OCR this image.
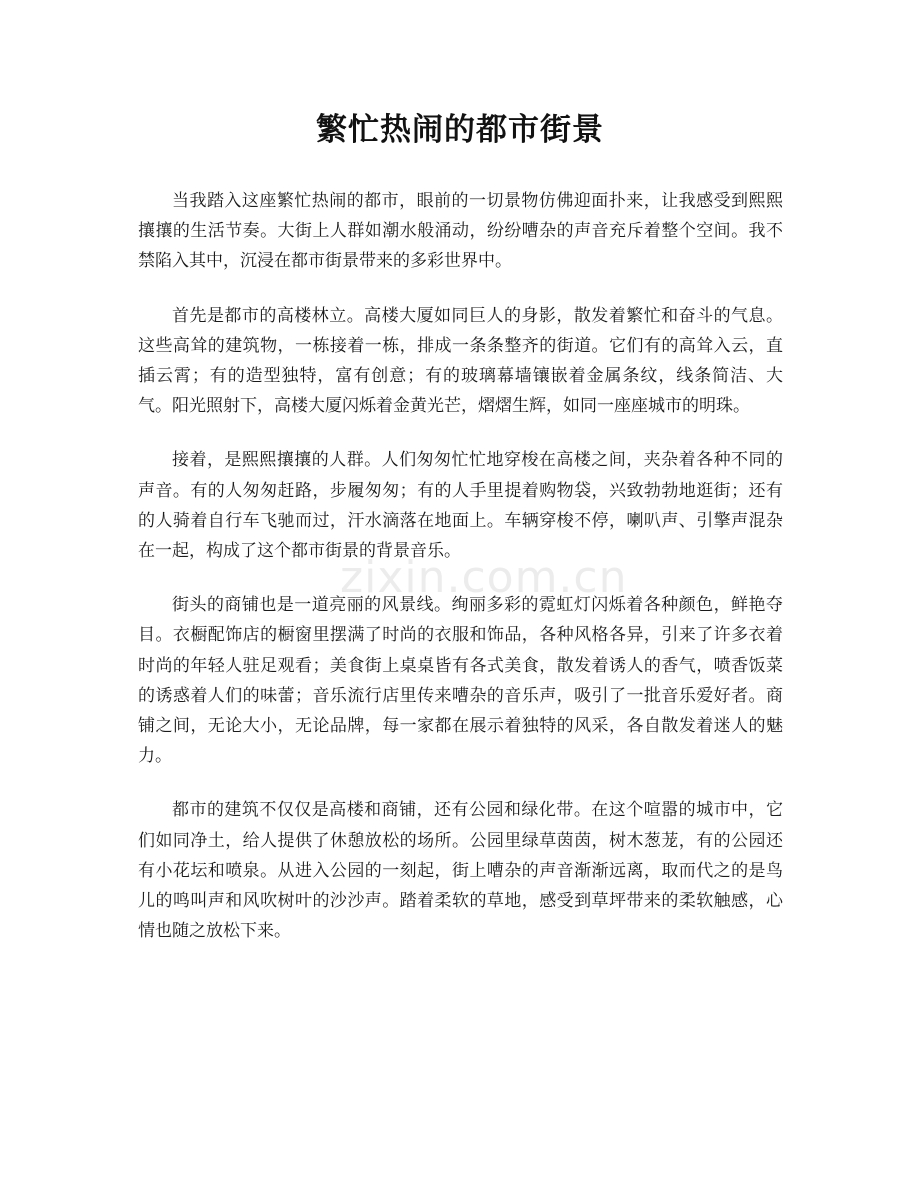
繁忙热闹的都市街景

当我踏入这座繁忙热闹的都市，眼前的一切景物仿佛迎面扑来，让我感受到熙熙攘攘的生活节奏。大街上人群如潮水般涌动，纷纷嘈杂的声音充斥着整个空间。我不禁陷入其中，沉浸在都市街景带来的多彩世界中。

首先是都市的高楼林立。高楼大厦如同巨人的身影，散发着繁忙和奋斗的气息。这些高耸的建筑物，一栋接着一栋，排成一条条整齐的街道。它们有的高耸入云，直插云霄；有的造型独特，富有创意；有的玻璃幕墙镶嵌着金属条纹，线条简洁、大气。阳光照射下，高楼大厦闪烁着金黄光芒，熠熠生辉，如同一座座城市的明珠。

接着，是熙熙攘攘的人群。人们匆匆忙忙地穿梭在高楼之间，夹杂着各种不同的声音。有的人匆匆赶路，步履匆匆；有的人手里提着购物袋，兴致勃勃地逛街；还有的人骑着自行车飞驰而过，汗水滴落在地面上。车辆穿梭不停，喇叭声、引擎声混杂在一起，构成了这个都市街景的背景音乐。

街头的商铺也是一道亮丽的风景线。绚丽多彩的霓虹灯闪烁着各种颜色，鲜艳夺目。衣橱配饰店的橱窗里摆满了时尚的衣服和饰品，各种风格各异，引来了许多衣着时尚的年轻人驻足观看；美食街上桌桌皆有各式美食，散发着诱人的香气，喷香饭菜的诱惑着人们的味蕾；音乐流行店里传来嘈杂的音乐声，吸引了一批音乐爱好者。商铺之间，无论大小，无论品牌，每一家都在展示着独特的风采，各自散发着迷人的魅力。

都市的建筑不仅仅是高楼和商铺，还有公园和绿化带。在这个喧嚣的城市中，它们如同净土，给人提供了休憩放松的场所。公园里绿草茵茵，树木葱茏，有的公园还有小花坛和喷泉。从进入公园的一刻起，街上嘈杂的声音渐渐远离，取而代之的是鸟儿的鸣叫声和风吹树叶的沙沙声。踏着柔软的草地，感受到草坪带来的柔软触感，心情也随之放松下来。

zixin.com.cn
